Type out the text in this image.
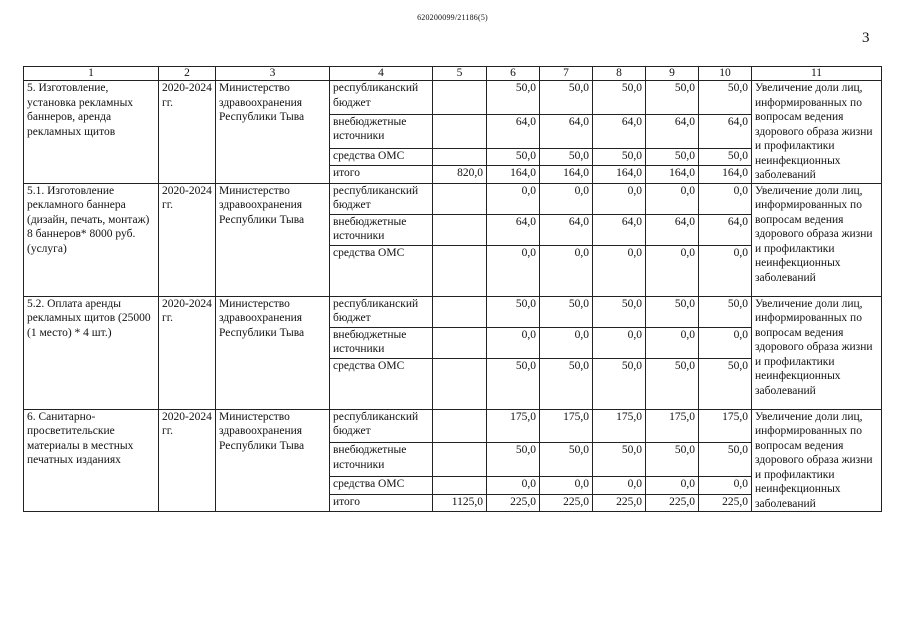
620200099/21186(5)
3
1	2	3	4	5	6	7	8	9	10	11
5. Изготовление, установка рекламных баннеров, аренда рекламных щитов	2020-2024 гг.	Министерство здравоохранения Республики Тыва	республиканский бюджет		50,0	50,0	50,0	50,0	50,0	Увеличение доли лиц, информированных по вопросам ведения здорового образа жизни и профилактики неинфекционных заболеваний
			внебюджетные источники		64,0	64,0	64,0	64,0	64,0	
			средства ОМС		50,0	50,0	50,0	50,0	50,0	
			итого	820,0	164,0	164,0	164,0	164,0	164,0	
5.1. Изготовление рекламного баннера (дизайн, печать, монтаж) 8 баннеров* 8000 руб. (услуга)	2020-2024 гг.	Министерство здравоохранения Республики Тыва	республиканский бюджет		0,0	0,0	0,0	0,0	0,0	Увеличение доли лиц, информированных по вопросам ведения здорового образа жизни и профилактики неинфекционных заболеваний
			внебюджетные источники		64,0	64,0	64,0	64,0	64,0	
			средства ОМС		0,0	0,0	0,0	0,0	0,0	
5.2. Оплата аренды рекламных щитов (25000 (1 место) * 4 шт.)	2020-2024 гг.	Министерство здравоохранения Республики Тыва	республиканский бюджет		50,0	50,0	50,0	50,0	50,0	Увеличение доли лиц, информированных по вопросам ведения здорового образа жизни и профилактики неинфекционных заболеваний
			внебюджетные источники		0,0	0,0	0,0	0,0	0,0	
			средства ОМС		50,0	50,0	50,0	50,0	50,0	
6. Санитарно-просветительские материалы в местных печатных изданиях	2020-2024 гг.	Министерство здравоохранения Республики Тыва	республиканский бюджет		175,0	175,0	175,0	175,0	175,0	Увеличение доли лиц, информированных по вопросам ведения здорового образа жизни и профилактики неинфекционных заболеваний
			внебюджетные источники		50,0	50,0	50,0	50,0	50,0	
			средства ОМС		0,0	0,0	0,0	0,0	0,0	
			итого	1125,0	225,0	225,0	225,0	225,0	225,0	
